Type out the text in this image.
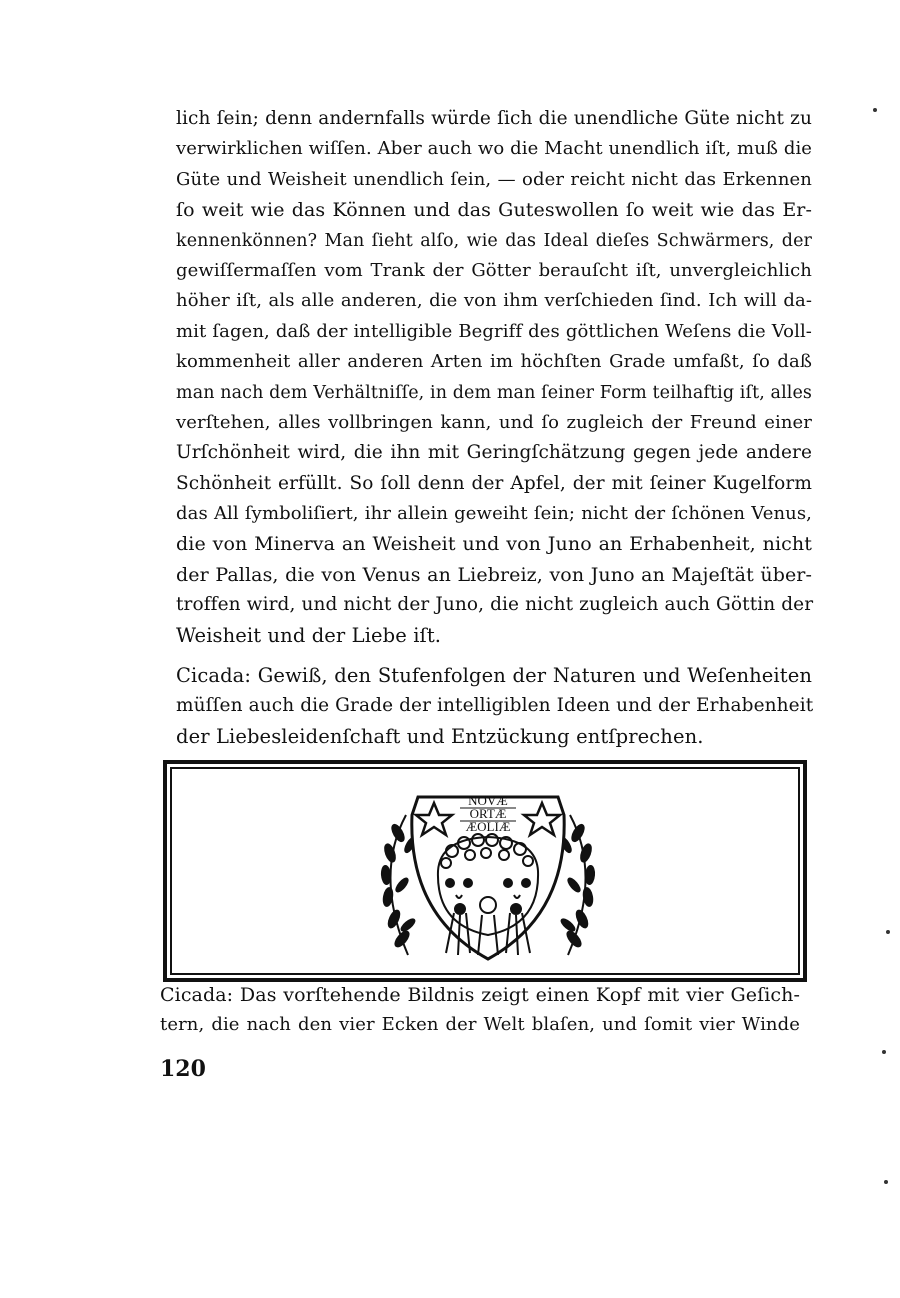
lich ſein; denn andernfalls würde ſich die unendliche Güte nicht zu
verwirklichen wiſſen. Aber auch wo die Macht unendlich iſt, muß die
Güte und Weisheit unendlich ſein, — oder reicht nicht das Erkennen
ſo weit wie das Können und das Guteswollen ſo weit wie das Er-
kennenkönnen? Man ſieht alſo, wie das Ideal dieſes Schwärmers, der
gewiſſermaſſen vom Trank der Götter berauſcht iſt, unvergleichlich
höher iſt, als alle anderen, die von ihm verſchieden ſind. Ich will da-
mit ſagen, daß der intelligible Begriff des göttlichen Weſens die Voll-
kommenheit aller anderen Arten im höchſten Grade umfaßt, ſo daß
man nach dem Verhältniſſe, in dem man ſeiner Form teilhaftig iſt, alles
verſtehen, alles vollbringen kann, und ſo zugleich der Freund einer
Urſchönheit wird, die ihn mit Geringſchätzung gegen jede andere
Schönheit erfüllt. So ſoll denn der Apfel, der mit ſeiner Kugelform
das All ſymboliſiert, ihr allein geweiht ſein; nicht der ſchönen Venus,
die von Minerva an Weisheit und von Juno an Erhabenheit, nicht
der Pallas, die von Venus an Liebreiz, von Juno an Majeſtät über-
troffen wird, und nicht der Juno, die nicht zugleich auch Göttin der
Weisheit und der Liebe iſt.
Cicada: Gewiß, den Stufenfolgen der Naturen und Weſenheiten
müſſen auch die Grade der intelligiblen Ideen und der Erhabenheit
der Liebesleidenſchaft und Entzückung entſprechen.
NOVÆ
ORTÆ
ÆOLIÆ
Cicada: Das vorſtehende Bildnis zeigt einen Kopf mit vier Geſich-
tern, die nach den vier Ecken der Welt blaſen, und ſomit vier Winde
120
